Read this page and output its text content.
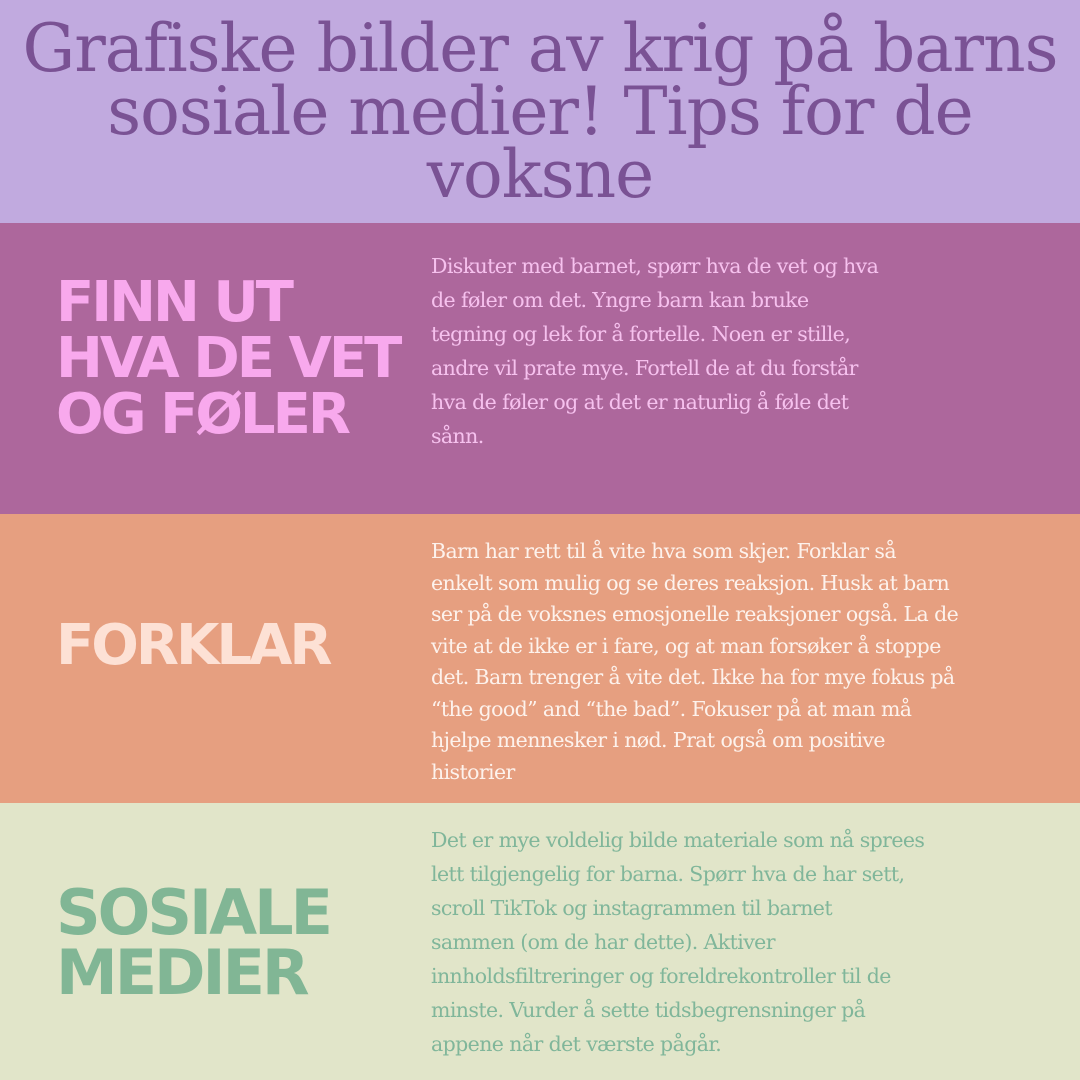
Grafiske bilder av krig på barns sosiale medier! Tips for de voksne
FINN UT
HVA DE VET
OG FØLER

Diskuter med barnet, spørr hva de vet og hva
de føler om det. Yngre barn kan bruke
tegning og lek for å fortelle. Noen er stille,
andre vil prate mye. Fortell de at du forstår
hva de føler og at det er naturlig å føle det
sånn.

FORKLAR

Barn har rett til å vite hva som skjer. Forklar så
enkelt som mulig og se deres reaksjon. Husk at barn
ser på de voksnes emosjonelle reaksjoner også. La de
vite at de ikke er i fare, og at man forsøker å stoppe
det. Barn trenger å vite det. Ikke ha for mye fokus på
“the good” and “the bad”. Fokuser på at man må
hjelpe mennesker i nød. Prat også om positive
historier

SOSIALE
MEDIER

Det er mye voldelig bilde materiale som nå sprees
lett tilgjengelig for barna. Spørr hva de har sett,
scroll TikTok og instagrammen til barnet
sammen (om de har dette). Aktiver
innholdsfiltreringer og foreldrekontroller til de
minste. Vurder å sette tidsbegrensninger på
appene når det værste pågår.
